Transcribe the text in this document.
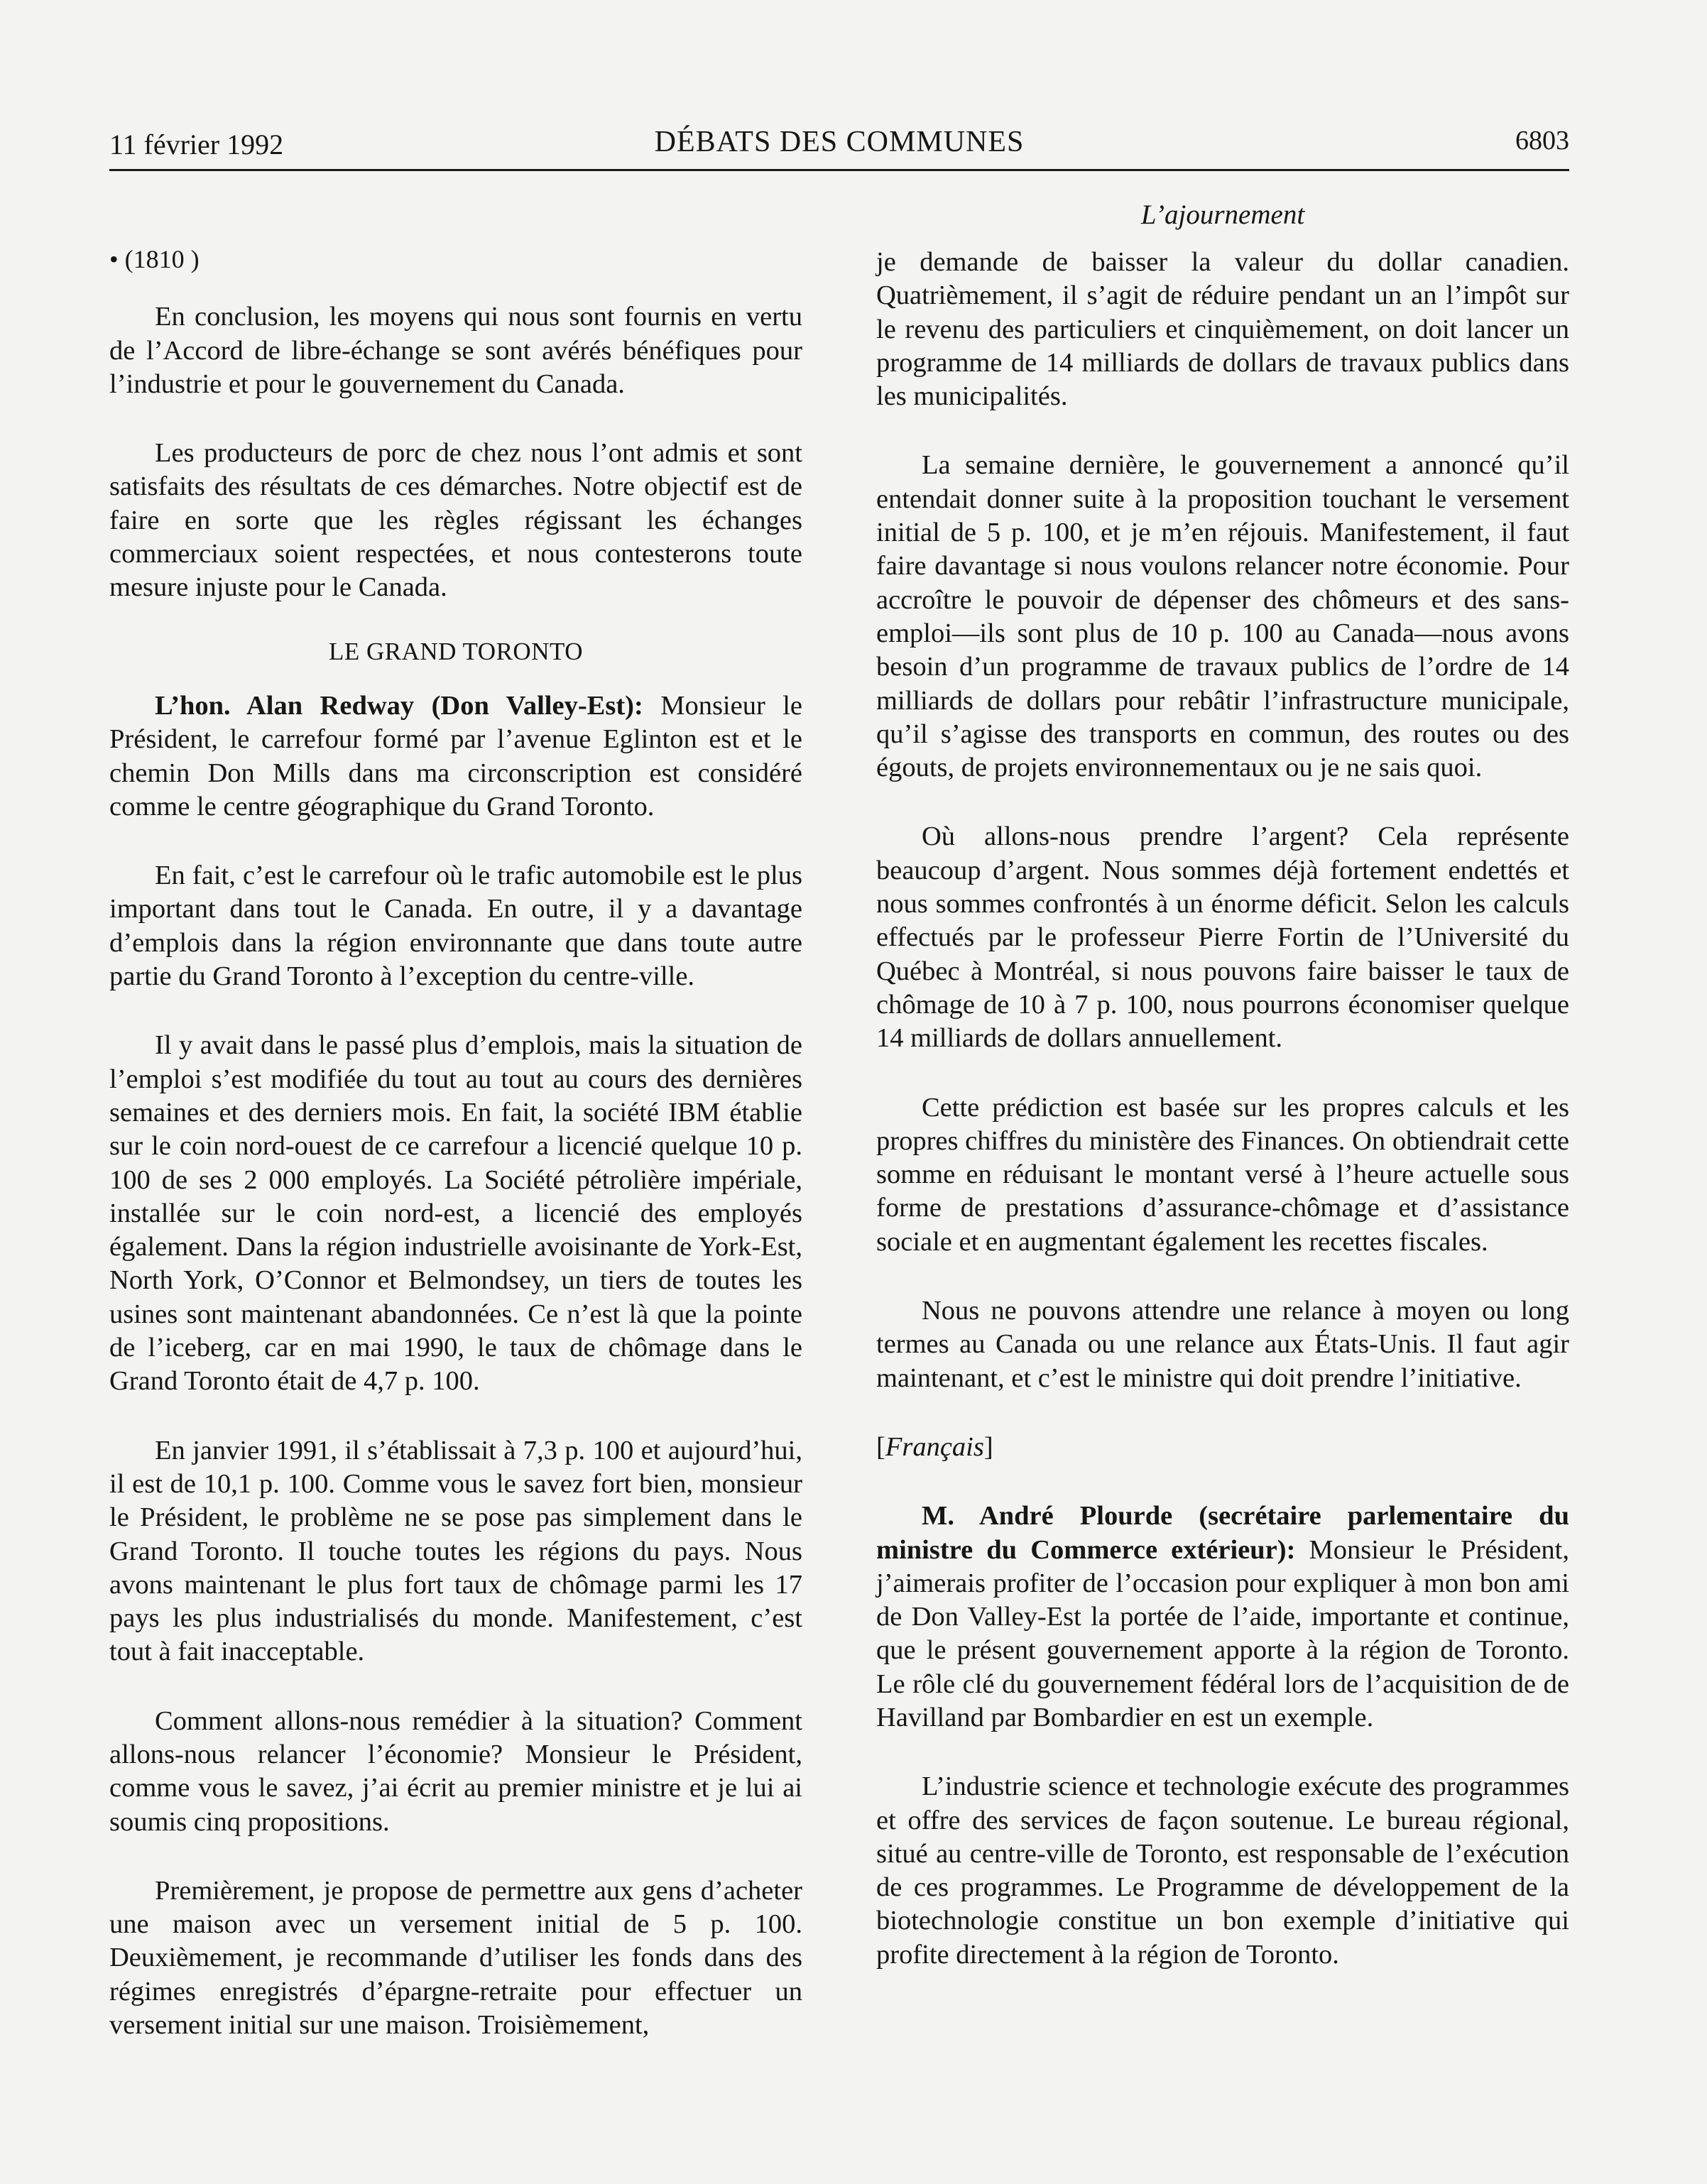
11 février 1992	DÉBATS DES COMMUNES	6803
L’ajournement
• (1810 )

En conclusion, les moyens qui nous sont fournis en vertu de l’Accord de libre-échange se sont avérés bénéfiques pour l’industrie et pour le gouvernement du Canada.

Les producteurs de porc de chez nous l’ont admis et sont satisfaits des résultats de ces démarches. Notre objectif est de faire en sorte que les règles régissant les échanges commerciaux soient respectées, et nous contesterons toute mesure injuste pour le Canada.

LE GRAND TORONTO

L’hon. Alan Redway (Don Valley-Est): Monsieur le Président, le carrefour formé par l’avenue Eglinton est et le chemin Don Mills dans ma circonscription est considéré comme le centre géographique du Grand Toronto.

En fait, c’est le carrefour où le trafic automobile est le plus important dans tout le Canada. En outre, il y a davantage d’emplois dans la région environnante que dans toute autre partie du Grand Toronto à l’exception du centre-ville.

Il y avait dans le passé plus d’emplois, mais la situation de l’emploi s’est modifiée du tout au tout au cours des dernières semaines et des derniers mois. En fait, la société IBM établie sur le coin nord-ouest de ce carrefour a licencié quelque 10 p. 100 de ses 2 000 employés. La Société pétrolière impériale, installée sur le coin nord-est, a licencié des employés également. Dans la région industrielle avoisinante de York-Est, North York, O’Connor et Belmondsey, un tiers de toutes les usines sont maintenant abandonnées. Ce n’est là que la pointe de l’iceberg, car en mai 1990, le taux de chômage dans le Grand Toronto était de 4,7 p. 100.

En janvier 1991, il s’établissait à 7,3 p. 100 et aujourd’hui, il est de 10,1 p. 100. Comme vous le savez fort bien, monsieur le Président, le problème ne se pose pas simplement dans le Grand Toronto. Il touche toutes les régions du pays. Nous avons maintenant le plus fort taux de chômage parmi les 17 pays les plus industrialisés du monde. Manifestement, c’est tout à fait inacceptable.

Comment allons-nous remédier à la situation? Comment allons-nous relancer l’économie? Monsieur le Président, comme vous le savez, j’ai écrit au premier ministre et je lui ai soumis cinq propositions.

Premièrement, je propose de permettre aux gens d’acheter une maison avec un versement initial de 5 p. 100. Deuxièmement, je recommande d’utiliser les fonds dans des régimes enregistrés d’épargne-retraite pour effectuer un versement initial sur une maison. Troisièmement,

je demande de baisser la valeur du dollar canadien. Quatrièmement, il s’agit de réduire pendant un an l’impôt sur le revenu des particuliers et cinquièmement, on doit lancer un programme de 14 milliards de dollars de travaux publics dans les municipalités.

La semaine dernière, le gouvernement a annoncé qu’il entendait donner suite à la proposition touchant le versement initial de 5 p. 100, et je m’en réjouis. Manifestement, il faut faire davantage si nous voulons relancer notre économie. Pour accroître le pouvoir de dépenser des chômeurs et des sans-emploi—ils sont plus de 10 p. 100 au Canada—nous avons besoin d’un programme de travaux publics de l’ordre de 14 milliards de dollars pour rebâtir l’infrastructure municipale, qu’il s’agisse des transports en commun, des routes ou des égouts, de projets environnementaux ou je ne sais quoi.

Où allons-nous prendre l’argent? Cela représente beaucoup d’argent. Nous sommes déjà fortement endettés et nous sommes confrontés à un énorme déficit. Selon les calculs effectués par le professeur Pierre Fortin de l’Université du Québec à Montréal, si nous pouvons faire baisser le taux de chômage de 10 à 7 p. 100, nous pourrons économiser quelque 14 milliards de dollars annuellement.

Cette prédiction est basée sur les propres calculs et les propres chiffres du ministère des Finances. On obtiendrait cette somme en réduisant le montant versé à l’heure actuelle sous forme de prestations d’assurance-chômage et d’assistance sociale et en augmentant également les recettes fiscales.

Nous ne pouvons attendre une relance à moyen ou long termes au Canada ou une relance aux États-Unis. Il faut agir maintenant, et c’est le ministre qui doit prendre l’initiative.

[Français]

M. André Plourde (secrétaire parlementaire du ministre du Commerce extérieur): Monsieur le Président, j’aimerais profiter de l’occasion pour expliquer à mon bon ami de Don Valley-Est la portée de l’aide, importante et continue, que le présent gouvernement apporte à la région de Toronto. Le rôle clé du gouvernement fédéral lors de l’acquisition de de Havilland par Bombardier en est un exemple.

L’industrie science et technologie exécute des programmes et offre des services de façon soutenue. Le bureau régional, situé au centre-ville de Toronto, est responsable de l’exécution de ces programmes. Le Programme de développement de la biotechnologie constitue un bon exemple d’initiative qui profite directement à la région de Toronto.
